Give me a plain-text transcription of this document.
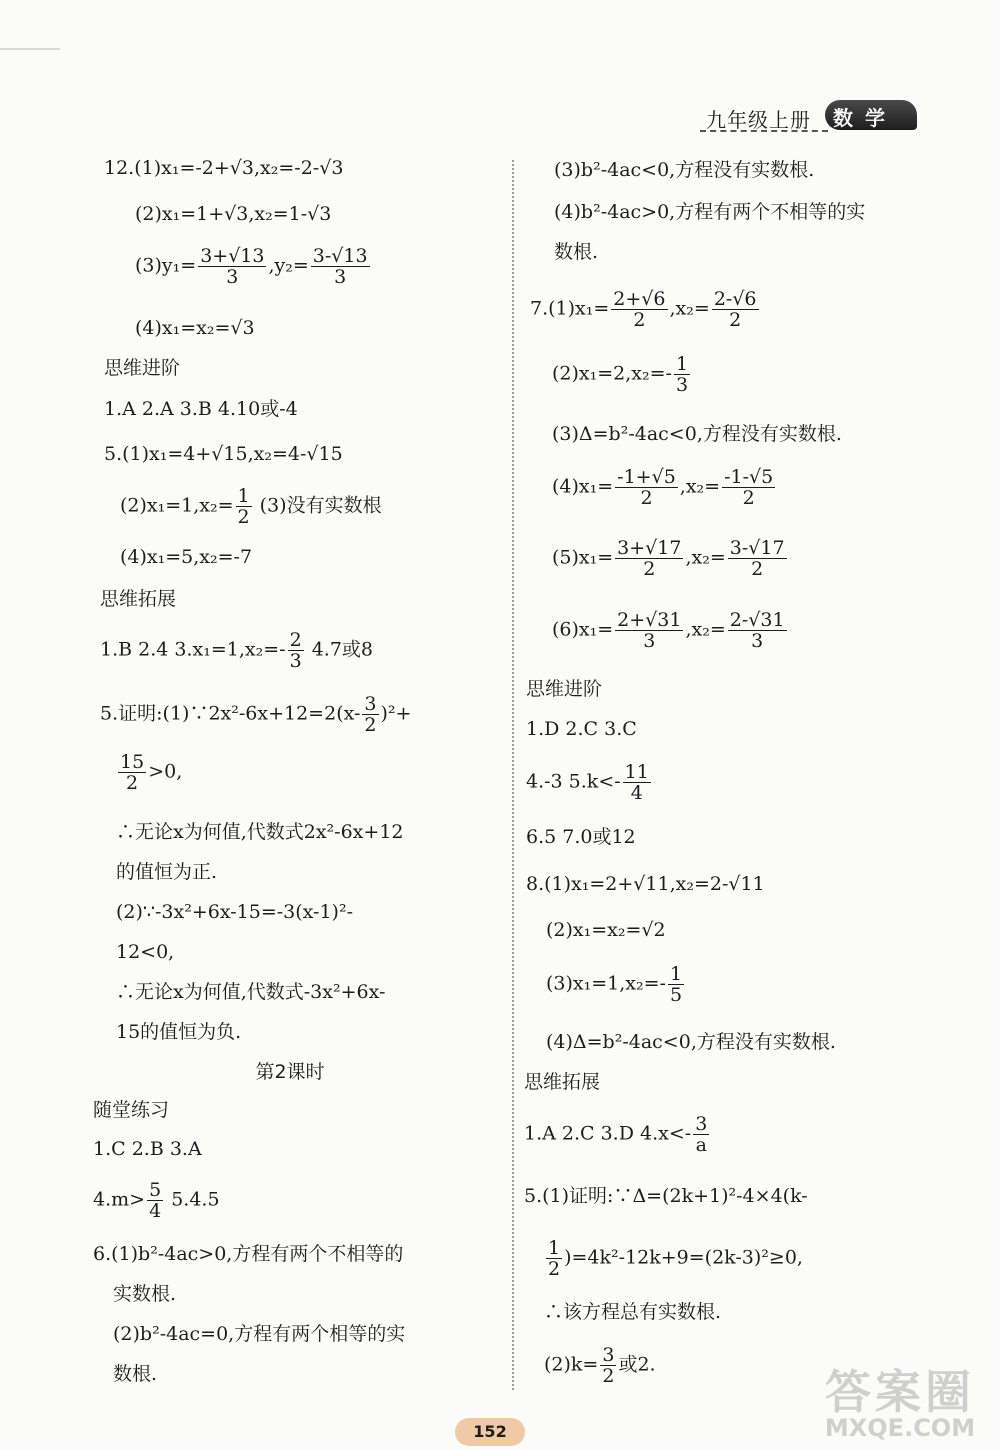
九年级上册 数学
12.(1)x₁=-2+√3,x₂=-2-√3
(2)x₁=1+√3,x₂=1-√3
$(3)y_1= \frac{3+√13}{3} ,y_2= \frac{3-√13}{3}$
(4)x₁=x₂=√3
思维进阶
1.A 2.A 3.B 4.10或-4
5.(1)x₁=4+√15,x₂=4-√15
$(2)x_1=1,x_2= \frac{1}{2} (3)$没有实数根
(4)x₁=5,x₂=-7
思维拓展
1.B 2.4 $3.x_1=1,x_2=- \frac{2}{3} 4.7$或8
5.证明:(1)∵2x²-6x+12=2(x- $\frac{3}{2} )^2+$
$\frac{15}{2} >0$,
∴无论x为何值,代数式2x²-6x+12
的值恒为正.
(2)∵-3x²+6x-15=-3(x-1)²-
12<0,
∴无论x为何值,代数式-3x²+6x-
15的值恒为负.
第2课时
随堂练习
1.C 2.B 3.A
$4.m> \frac{5}{4} 5.4.5$
6.(1)b²-4ac>0,方程有两个不相等的
实数根.
(2)b²-4ac=0,方程有两个相等的实
数根.
(3)b²-4ac<0,方程没有实数根.
(4)b²-4ac>0,方程有两个不相等的实
数根.
$7.(1)x_1= \frac{2+√6}{2} ,x_2= \frac{2-√6}{2}$
$(2)x_1=2,x_2=- \frac{1}{3}$
(3)Δ=b²-4ac<0,方程没有实数根.
$(4)x_1= \frac{-1+√5}{2} ,x_2= \frac{-1-√5}{2}$
$(5)x_1= \frac{3+√17}{2} ,x_2= \frac{3-√17}{2}$
$(6)x_1= \frac{2+√31}{3} ,x_2= \frac{2-√31}{3}$
思维进阶
1.D 2.C 3.C
4.-3 $5.k<- \frac{11}{4}$
6.5 7.0或12
8.(1)x₁=2+√11,x₂=2-√11
(2)x₁=x₂=√2
$(3)x_1=1,x_2=- \frac{1}{5}$
(4)Δ=b²-4ac<0,方程没有实数根.
思维拓展
1.A 2.C 3.D $4.x<- \frac{3}{a}$
5.(1)证明:∵Δ=(2k+1)²-4×4(k-
$\frac{1}{2} )=4k^2-12k+9=(2k-3)^2\ge 0$,
∴该方程总有实数根.
$(2)k= \frac{3}{2}$ 或2.
152
答案圈
MXQE.COM
